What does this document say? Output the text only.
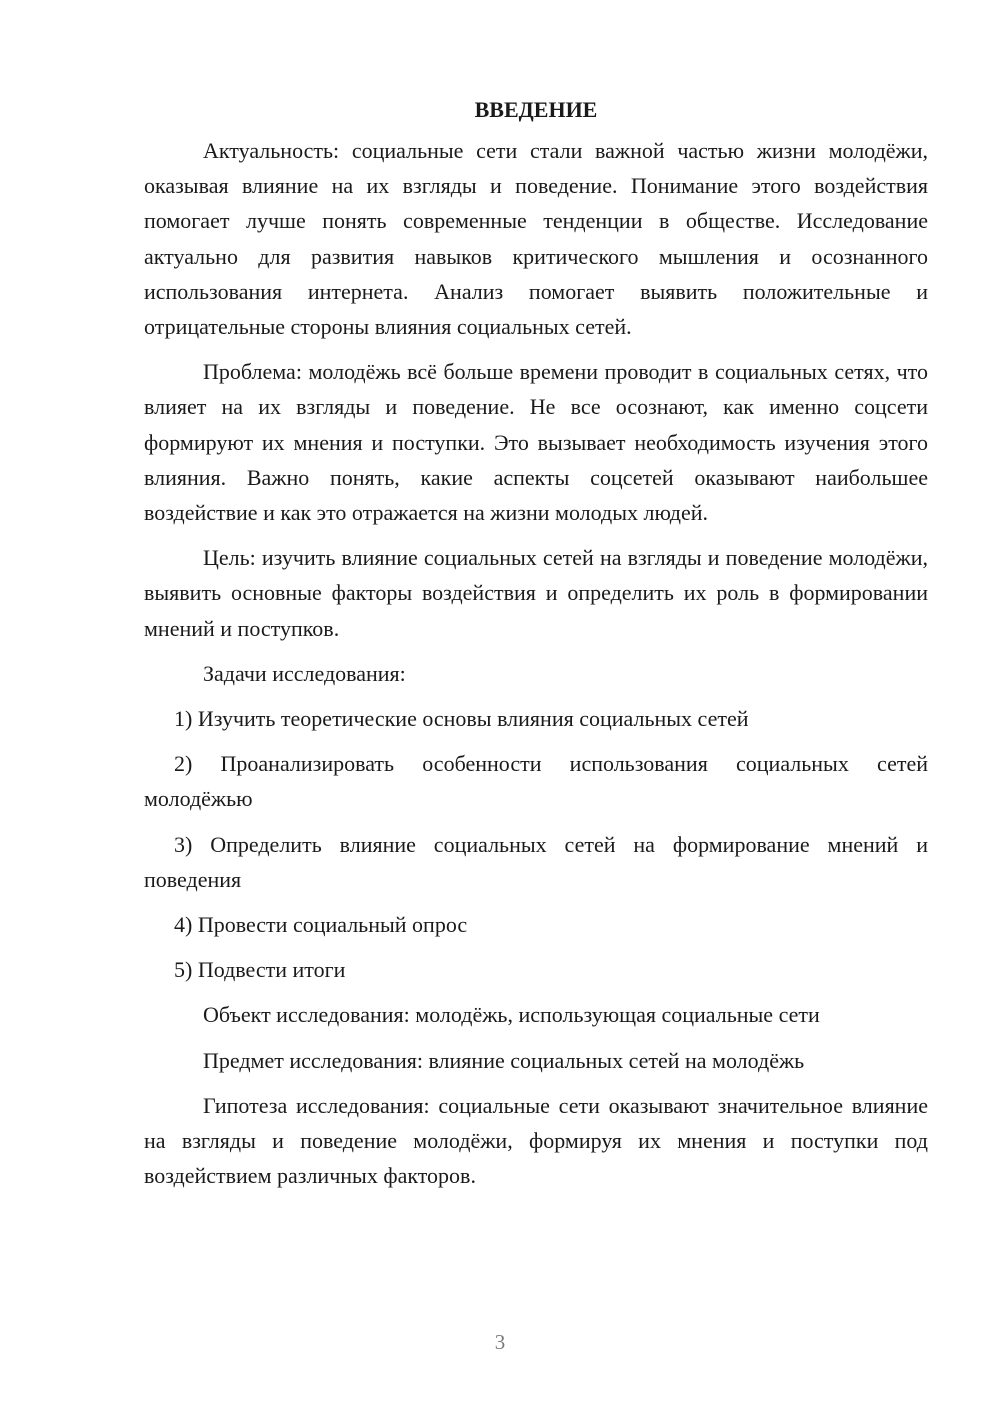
ВВЕДЕНИЕ

Актуальность: социальные сети стали важной частью жизни молодёжи, оказывая влияние на их взгляды и поведение. Понимание этого воздействия помогает лучше понять современные тенденции в обществе. Исследование актуально для развития навыков критического мышления и осознанного использования интернета. Анализ помогает выявить положительные и отрицательные стороны влияния социальных сетей.

Проблема: молодёжь всё больше времени проводит в социальных сетях, что влияет на их взгляды и поведение. Не все осознают, как именно соцсети формируют их мнения и поступки. Это вызывает необходимость изучения этого влияния. Важно понять, какие аспекты соцсетей оказывают наибольшее воздействие и как это отражается на жизни молодых людей.

Цель: изучить влияние социальных сетей на взгляды и поведение молодёжи, выявить основные факторы воздействия и определить их роль в формировании мнений и поступков.

Задачи исследования:

1) Изучить теоретические основы влияния социальных сетей

2) Проанализировать особенности использования социальных сетей молодёжью

3) Определить влияние социальных сетей на формирование мнений и поведения

4) Провести социальный опрос

5) Подвести итоги

Объект исследования: молодёжь, использующая социальные сети

Предмет исследования: влияние социальных сетей на молодёжь

Гипотеза исследования: социальные сети оказывают значительное влияние на взгляды и поведение молодёжи, формируя их мнения и поступки под воздействием различных факторов.

3
